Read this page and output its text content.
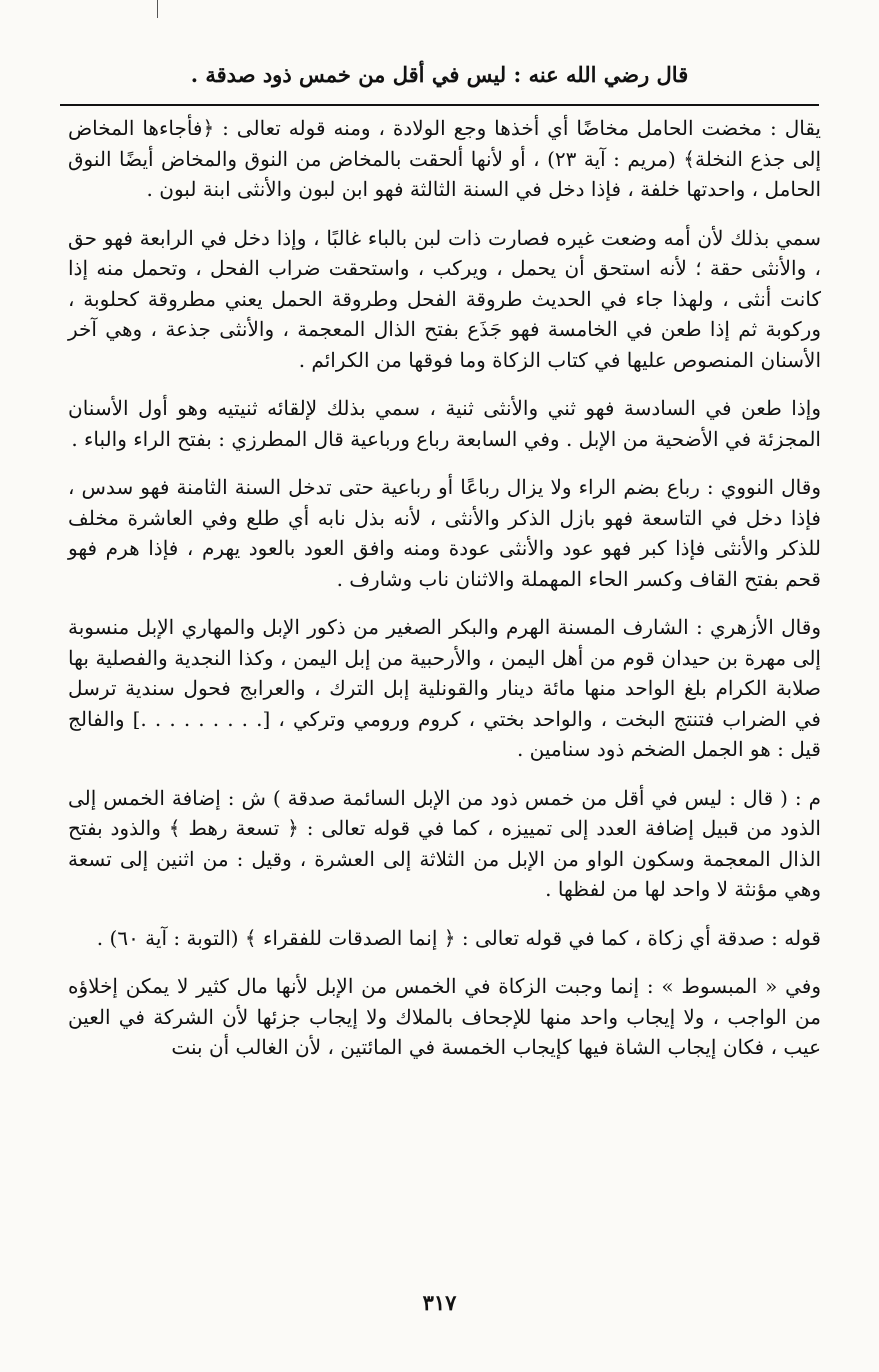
قال رضي الله عنه : ليس في أقل من خمس ذود صدقة .

يقال : مخضت الحامل مخاضًا أي أخذها وجع الولادة ، ومنه قوله تعالى : ﴿فأجاءها المخاض إلى جذع النخلة﴾ (مريم : آية ٢٣) ، أو لأنها ألحقت بالمخاض من النوق والمخاض أيضًا النوق الحامل ، واحدتها خلفة ، فإذا دخل في السنة الثالثة فهو ابن لبون والأنثى ابنة لبون .

سمي بذلك لأن أمه وضعت غيره فصارت ذات لبن بالباء غالبًا ، وإذا دخل في الرابعة فهو حق ، والأنثى حقة ؛ لأنه استحق أن يحمل ، ويركب ، واستحقت ضراب الفحل ، وتحمل منه إذا كانت أنثى ، ولهذا جاء في الحديث طروقة الفحل وطروقة الحمل يعني مطروقة كحلوبة ، وركوبة ثم إذا طعن في الخامسة فهو جَذَع بفتح الذال المعجمة ، والأنثى جذعة ، وهي آخر الأسنان المنصوص عليها في كتاب الزكاة وما فوقها من الكرائم .

وإذا طعن في السادسة فهو ثني والأنثى ثنية ، سمي بذلك لإلقائه ثنيتيه وهو أول الأسنان المجزئة في الأضحية من الإبل . وفي السابعة رباع ورباعية قال المطرزي : بفتح الراء والباء .

وقال النووي : رباع بضم الراء ولا يزال رباعًا أو رباعية حتى تدخل السنة الثامنة فهو سدس ، فإذا دخل في التاسعة فهو بازل الذكر والأنثى ، لأنه بذل نابه أي طلع وفي العاشرة مخلف للذكر والأنثى فإذا كبر فهو عود والأنثى عودة ومنه وافق العود بالعود يهرم ، فإذا هرم فهو قحم بفتح القاف وكسر الحاء المهملة والاثنان ناب وشارف .

وقال الأزهري : الشارف المسنة الهرم والبكر الصغير من ذكور الإبل والمهاري الإبل منسوبة إلى مهرة بن حيدان قوم من أهل اليمن ، والأرحبية من إبل اليمن ، وكذا النجدية والفصلية بها صلابة الكرام بلغ الواحد منها مائة دينار والقونلية إبل الترك ، والعرابج فحول سندية ترسل في الضراب فتنتج البخت ، والواحد بختي ، كروم ورومي وتركي ، [. . . . . . . . .] والفالج قيل : هو الجمل الضخم ذود سنامين .

م : ( قال : ليس في أقل من خمس ذود من الإبل السائمة صدقة ) ش : إضافة الخمس إلى الذود من قبيل إضافة العدد إلى تمييزه ، كما في قوله تعالى : ﴿ تسعة رهط ﴾ والذود بفتح الذال المعجمة وسكون الواو من الإبل من الثلاثة إلى العشرة ، وقيل : من اثنين إلى تسعة وهي مؤنثة لا واحد لها من لفظها .

قوله : صدقة أي زكاة ، كما في قوله تعالى : ﴿ إنما الصدقات للفقراء ﴾ (التوبة : آية ٦٠) .

وفي « المبسوط » : إنما وجبت الزكاة في الخمس من الإبل لأنها مال كثير لا يمكن إخلاؤه من الواجب ، ولا إيجاب واحد منها للإجحاف بالملاك ولا إيجاب جزئها لأن الشركة في العين عيب ، فكان إيجاب الشاة فيها كإيجاب الخمسة في المائتين ، لأن الغالب أن بنت

٣١٧
